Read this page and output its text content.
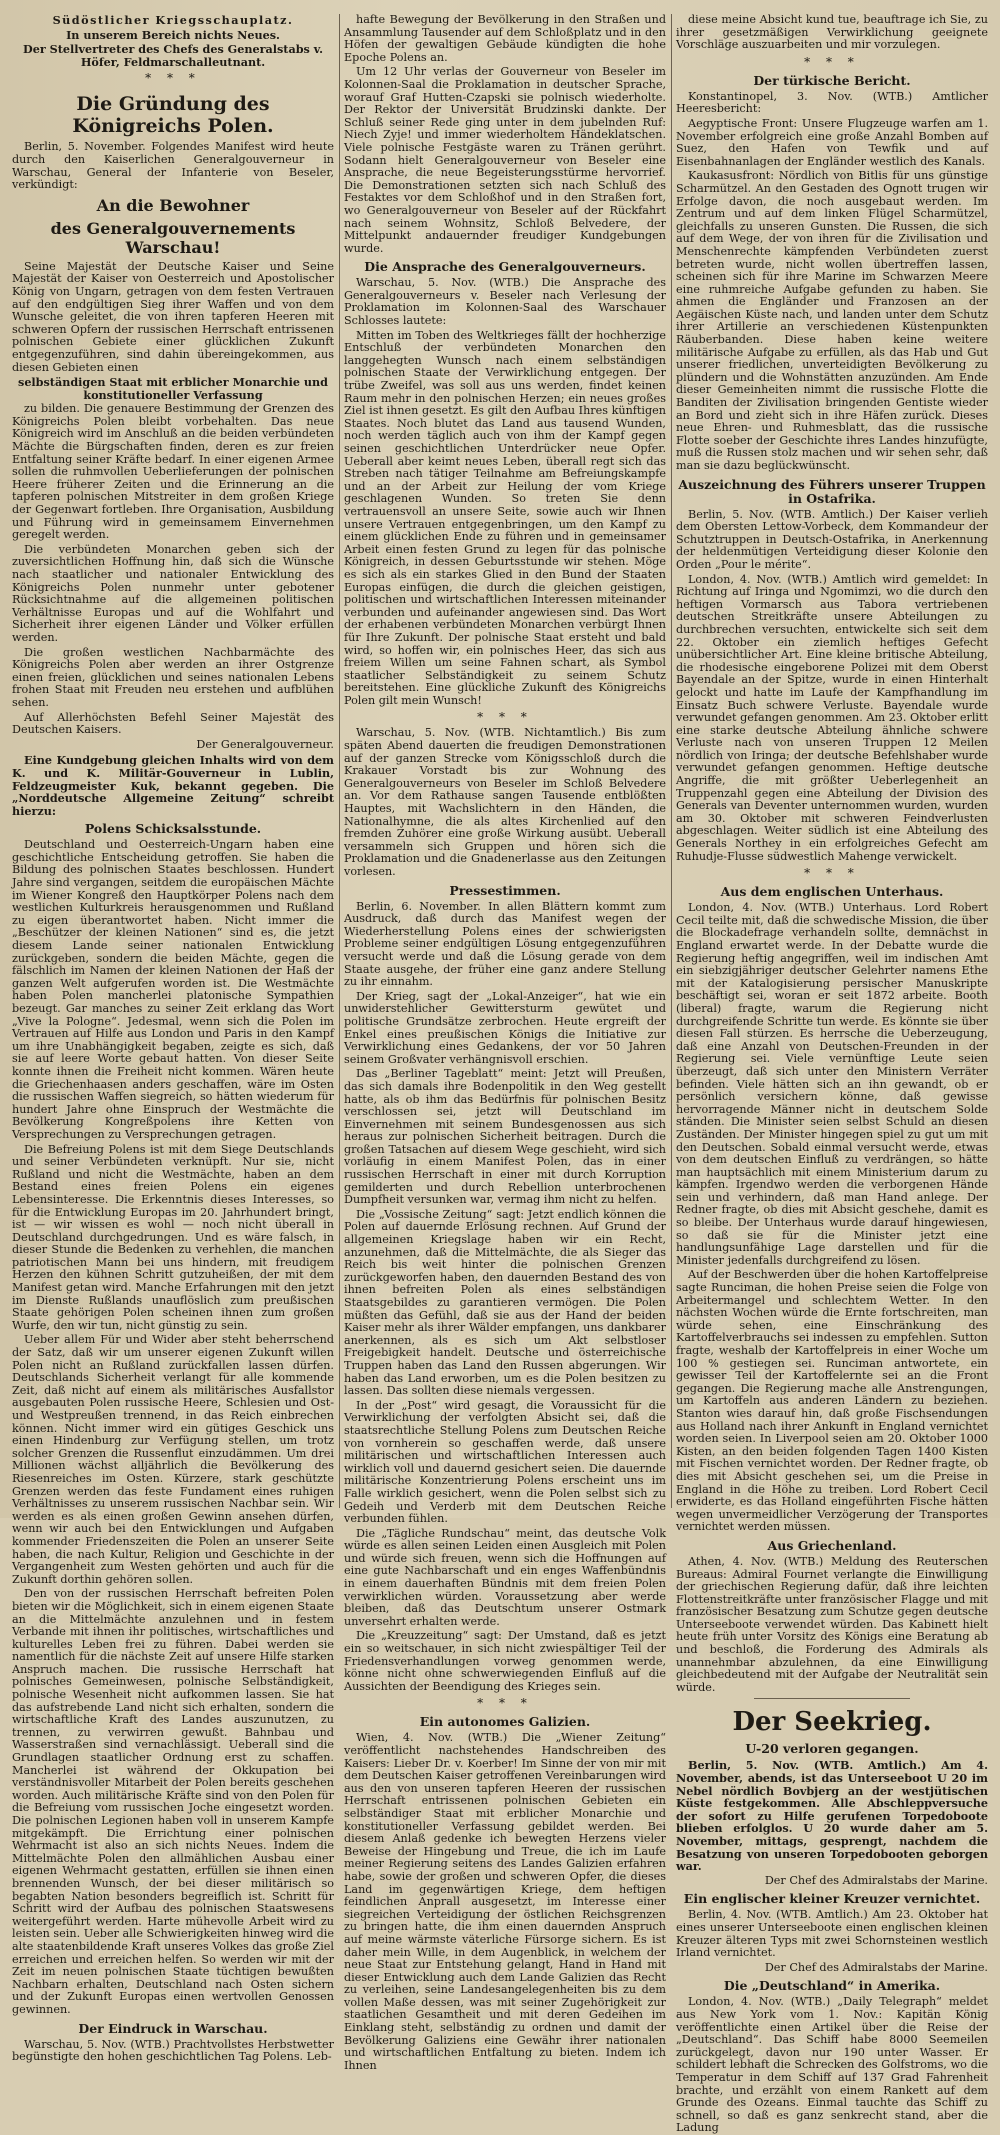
Südöstlicher Kriegsschauplatz.
In unserem Bereich nichts Neues.
Der Stellvertreter des Chefs des Generalstabs v. Höfer, Feldmarschalleutnant.
* * *
Die Gründung des Königreichs Polen.

Berlin, 5. November. Folgendes Manifest wird heute durch den Kaiserlichen Generalgouverneur in Warschau, General der Infanterie von Beseler, verkündigt:

An die Bewohner
des Generalgouvernements Warschau!

Seine Majestät der Deutsche Kaiser und Seine Majestät der Kaiser von Oesterreich und Apostolischer König von Ungarn, getragen von dem festen Vertrauen auf den endgültigen Sieg ihrer Waffen und von dem Wunsche geleitet, die von ihren tapferen Heeren mit schweren Opfern der russischen Herrschaft entrissenen polnischen Gebiete einer glücklichen Zukunft entgegenzuführen, sind dahin übereingekommen, aus diesen Gebieten einen

selbständigen Staat mit erblicher Monarchie und konstitutioneller Verfassung

zu bilden. Die genauere Bestimmung der Grenzen des Königreichs Polen bleibt vorbehalten. Das neue Königreich wird im Anschluß an die beiden verbündeten Mächte die Bürgschaften finden, deren es zur freien Entfaltung seiner Kräfte bedarf. In einer eigenen Armee sollen die ruhmvollen Ueberlieferungen der polnischen Heere früherer Zeiten und die Erinnerung an die tapferen polnischen Mitstreiter in dem großen Kriege der Gegenwart fortleben. Ihre Organisation, Ausbildung und Führung wird in gemeinsamem Einvernehmen geregelt werden.

Die verbündeten Monarchen geben sich der zuversichtlichen Hoffnung hin, daß sich die Wünsche nach staatlicher und nationaler Entwicklung des Königreichs Polen nunmehr unter gebotener Rücksichtnahme auf die allgemeinen politischen Verhältnisse Europas und auf die Wohlfahrt und Sicherheit ihrer eigenen Länder und Völker erfüllen werden.

Die großen westlichen Nachbarmächte des Königreichs Polen aber werden an ihrer Ostgrenze einen freien, glücklichen und seines nationalen Lebens frohen Staat mit Freuden neu erstehen und aufblühen sehen.

Auf Allerhöchsten Befehl Seiner Majestät des Deutschen Kaisers.

Der Generalgouverneur.

Eine Kundgebung gleichen Inhalts wird von dem K. und K. Militär-Gouverneur in Lublin, Feldzeugmeister Kuk, bekannt gegeben. Die „Norddeutsche Allgemeine Zeitung“ schreibt hierzu:

Polens Schicksalsstunde.

Deutschland und Oesterreich-Ungarn haben eine geschichtliche Entscheidung getroffen. Sie haben die Bildung des polnischen Staates beschlossen. Hundert Jahre sind vergangen, seitdem die europäischen Mächte im Wiener Kongreß den Hauptkörper Polens nach dem westlichen Kulturkreis herausgenommen und Rußland zu eigen überantwortet haben. Nicht immer die „Beschützer der kleinen Nationen“ sind es, die jetzt diesem Lande seiner nationalen Entwicklung zurückgeben, sondern die beiden Mächte, gegen die fälschlich im Namen der kleinen Nationen der Haß der ganzen Welt aufgerufen worden ist. Die Westmächte haben Polen mancherlei platonische Sympathien bezeugt. Gar manches zu seiner Zeit erklang das Wort „Vive la Pologne“. Jedesmal, wenn sich die Polen im Vertrauen auf Hilfe aus London und Paris in den Kampf um ihre Unabhängigkeit begaben, zeigte es sich, daß sie auf leere Worte gebaut hatten. Von dieser Seite konnte ihnen die Freiheit nicht kommen. Wären heute die Griechenhaasen anders geschaffen, wäre im Osten die russischen Waffen siegreich, so hätten wiederum für hundert Jahre ohne Einspruch der Westmächte die Bevölkerung Kongreßpolens ihre Ketten von Versprechungen zu Versprechungen getragen.

Die Befreiung Polens ist mit dem Siege Deutschlands und seiner Verbündeten verknüpft. Nur sie, nicht Rußland und nicht die Westmächte, haben an dem Bestand eines freien Polens ein eigenes Lebensinteresse. Die Erkenntnis dieses Interesses, so für die Entwicklung Europas im 20. Jahrhundert bringt, ist — wir wissen es wohl — noch nicht überall in Deutschland durchgedrungen. Und es wäre falsch, in dieser Stunde die Bedenken zu verhehlen, die manchen patriotischen Mann bei uns hindern, mit freudigem Herzen den kühnen Schritt gutzuheißen, der mit dem Manifest getan wird. Manche Erfahrungen mit den jetzt im Dienste Rußlands unauflöslich zum preußischen Staate gehörigen Polen scheinen ihnen zum großen Wurfe, den wir tun, nicht günstig zu sein.

Ueber allem Für und Wider aber steht beherrschend der Satz, daß wir um unserer eigenen Zukunft willen Polen nicht an Rußland zurückfallen lassen dürfen. Deutschlands Sicherheit verlangt für alle kommende Zeit, daß nicht auf einem als militärisches Ausfallstor ausgebauten Polen russische Heere, Schlesien und Ost- und Westpreußen trennend, in das Reich einbrechen können. Nicht immer wird ein gütiges Geschick uns einen Hindenburg zur Verfügung stellen, um trotz solcher Grenzen die Russenflut einzudämmen. Um drei Millionen wächst alljährlich die Bevölkerung des Riesenreiches im Osten. Kürzere, stark geschützte Grenzen werden das feste Fundament eines ruhigen Verhältnisses zu unserem russischen Nachbar sein. Wir werden es als einen großen Gewinn ansehen dürfen, wenn wir auch bei den Entwicklungen und Aufgaben kommender Friedenszeiten die Polen an unserer Seite haben, die nach Kultur, Religion und Geschichte in der Vergangenheit zum Westen gehörten und auch für die Zukunft dorthin gehören sollen.

Den von der russischen Herrschaft befreiten Polen bieten wir die Möglichkeit, sich in einem eigenen Staate an die Mittelmächte anzulehnen und in festem Verbande mit ihnen ihr politisches, wirtschaftliches und kulturelles Leben frei zu führen. Dabei werden sie namentlich für die nächste Zeit auf unsere Hilfe starken Anspruch machen. Die russische Herrschaft hat polnisches Gemeinwesen, polnische Selbständigkeit, polnische Wesenheit nicht aufkommen lassen. Sie hat das aufstrebende Land nicht sich erhalten, sondern die wirtschaftliche Kraft des Landes auszunutzen, zu trennen, zu verwirren gewußt. Bahnbau und Wasserstraßen sind vernachlässigt. Ueberall sind die Grundlagen staatlicher Ordnung erst zu schaffen. Mancherlei ist während der Okkupation bei verständnisvoller Mitarbeit der Polen bereits geschehen worden. Auch militärische Kräfte sind von den Polen für die Befreiung vom russischen Joche eingesetzt worden. Die polnischen Legionen haben voll in unserem Kampfe mitgekämpft. Die Errichtung einer polnischen Wehrmacht ist also an sich nichts Neues. Indem die Mittelmächte Polen den allmählichen Ausbau einer eigenen Wehrmacht gestatten, erfüllen sie ihnen einen brennenden Wunsch, der bei dieser militärisch so begabten Nation besonders begreiflich ist. Schritt für Schritt wird der Aufbau des polnischen Staatswesens weitergeführt werden. Harte mühevolle Arbeit wird zu leisten sein. Ueber alle Schwierigkeiten hinweg wird die alte staatenbildende Kraft unseres Volkes das große Ziel erreichen und erreichen helfen. So werden wir mit der Zeit im neuen polnischen Staate tüchtigen bewußten Nachbarn erhalten, Deutschland nach Osten sichern und der Zukunft Europas einen wertvollen Genossen gewinnen.

Der Eindruck in Warschau.

Warschau, 5. Nov. (WTB.) Prachtvollstes Herbstwetter begünstigte den hohen geschichtlichen Tag Polens. Leb-

hafte Bewegung der Bevölkerung in den Straßen und Ansammlung Tausender auf dem Schloßplatz und in den Höfen der gewaltigen Gebäude kündigten die hohe Epoche Polens an.

Um 12 Uhr verlas der Gouverneur von Beseler im Kolonnen-Saal die Proklamation in deutscher Sprache, worauf Graf Hutten-Czapski sie polnisch wiederholte. Der Rektor der Universität Brudzinski dankte. Der Schluß seiner Rede ging unter in dem jubelnden Ruf: Niech Zyje! und immer wiederholtem Händeklatschen. Viele polnische Festgäste waren zu Tränen gerührt. Sodann hielt Generalgouverneur von Beseler eine Ansprache, die neue Begeisterungsstürme hervorrief. Die Demonstrationen setzten sich nach Schluß des Festaktes vor dem Schloßhof und in den Straßen fort, wo Generalgouverneur von Beseler auf der Rückfahrt nach seinem Wohnsitz, Schloß Belvedere, der Mittelpunkt andauernder freudiger Kundgebungen wurde.

Die Ansprache des Generalgouverneurs.

Warschau, 5. Nov. (WTB.) Die Ansprache des Generalgouverneurs v. Beseler nach Verlesung der Proklamation im Kolonnen-Saal des Warschauer Schlosses lautete:

Mitten im Toben des Weltkrieges fällt der hochherzige Entschluß der verbündeten Monarchen den langgehegten Wunsch nach einem selbständigen polnischen Staate der Verwirklichung entgegen. Der trübe Zweifel, was soll aus uns werden, findet keinen Raum mehr in den polnischen Herzen; ein neues großes Ziel ist ihnen gesetzt. Es gilt den Aufbau Ihres künftigen Staates. Noch blutet das Land aus tausend Wunden, noch werden täglich auch von ihm der Kampf gegen seinen geschichtlichen Unterdrücker neue Opfer. Ueberall aber keimt neues Leben, überall regt sich das Streben nach tätiger Teilnahme am Befreiungskampfe und an der Arbeit zur Heilung der vom Kriege geschlagenen Wunden. So treten Sie denn vertrauensvoll an unsere Seite, sowie auch wir Ihnen unsere Vertrauen entgegenbringen, um den Kampf zu einem glücklichen Ende zu führen und in gemeinsamer Arbeit einen festen Grund zu legen für das polnische Königreich, in dessen Geburtsstunde wir stehen. Möge es sich als ein starkes Glied in den Bund der Staaten Europas einfügen, die durch die gleichen geistigen, politischen und wirtschaftlichen Interessen miteinander verbunden und aufeinander angewiesen sind. Das Wort der erhabenen verbündeten Monarchen verbürgt Ihnen für Ihre Zukunft. Der polnische Staat ersteht und bald wird, so hoffen wir, ein polnisches Heer, das sich aus freiem Willen um seine Fahnen schart, als Symbol staatlicher Selbständigkeit zu seinem Schutz bereitstehen. Eine glückliche Zukunft des Königreichs Polen gilt mein Wunsch!

* * *

Warschau, 5. Nov. (WTB. Nichtamtlich.) Bis zum späten Abend dauerten die freudigen Demonstrationen auf der ganzen Strecke vom Königsschloß durch die Krakauer Vorstadt bis zur Wohnung des Generalgouverneurs von Beseler im Schloß Belvedere an. Vor dem Rathause sangen Tausende entblößten Hauptes, mit Wachslichtern in den Händen, die Nationalhymne, die als altes Kirchenlied auf den fremden Zuhörer eine große Wirkung ausübt. Ueberall versammeln sich Gruppen und hören sich die Proklamation und die Gnadenerlasse aus den Zeitungen vorlesen.

Pressestimmen.

Berlin, 6. November. In allen Blättern kommt zum Ausdruck, daß durch das Manifest wegen der Wiederherstellung Polens eines der schwierigsten Probleme seiner endgültigen Lösung entgegenzuführen versucht werde und daß die Lösung gerade von dem Staate ausgehe, der früher eine ganz andere Stellung zu ihr einnahm.

Der Krieg, sagt der „Lokal-Anzeiger“, hat wie ein unwiderstehlicher Gewittersturm gewütet und politische Grundsätze zerbrochen. Heute ergreift der Enkel eines preußischen Königs die Initiative zur Verwirklichung eines Gedankens, der vor 50 Jahren seinem Großvater verhängnisvoll erschien.

Das „Berliner Tageblatt“ meint: Jetzt will Preußen, das sich damals ihre Bodenpolitik in den Weg gestellt hatte, als ob ihm das Bedürfnis für polnischen Besitz verschlossen sei, jetzt will Deutschland im Einvernehmen mit seinem Bundesgenossen aus sich heraus zur polnischen Sicherheit beitragen. Durch die großen Tatsachen auf diesem Wege geschieht, wird sich vorläufig in einem Manifest Polen, das in einer russischen Herrschaft in einer mit durch Korruption gemilderten und durch Rebellion unterbrochenen Dumpfheit versunken war, vermag ihm nicht zu helfen.

Die „Vossische Zeitung“ sagt: Jetzt endlich können die Polen auf dauernde Erlösung rechnen. Auf Grund der allgemeinen Kriegslage haben wir ein Recht, anzunehmen, daß die Mittelmächte, die als Sieger das Reich bis weit hinter die polnischen Grenzen zurückgeworfen haben, den dauernden Bestand des von ihnen befreiten Polen als eines selbständigen Staatsgebildes zu garantieren vermögen. Die Polen müßten das Gefühl, daß sie aus der Hand der beiden Kaiser mehr als ihrer Wälder empfangen, uns dankbarer anerkennen, als es sich um Akt selbstloser Freigebigkeit handelt. Deutsche und österreichische Truppen haben das Land den Russen abgerungen. Wir haben das Land erworben, um es die Polen besitzen zu lassen. Das sollten diese niemals vergessen.

In der „Post“ wird gesagt, die Voraussicht für die Verwirklichung der verfolgten Absicht sei, daß die staatsrechtliche Stellung Polens zum Deutschen Reiche von vornherein so geschaffen werde, daß unsere militärischen und wirtschaftlichen Interessen auch wirklich voll und dauernd gesichert seien. Die dauernde militärische Konzentrierung Polens erscheint uns im Falle wirklich gesichert, wenn die Polen selbst sich zu Gedeih und Verderb mit dem Deutschen Reiche verbunden fühlen.

Die „Tägliche Rundschau“ meint, das deutsche Volk würde es allen seinen Leiden einen Ausgleich mit Polen und würde sich freuen, wenn sich die Hoffnungen auf eine gute Nachbarschaft und ein enges Waffenbündnis in einem dauerhaften Bündnis mit dem freien Polen verwirklichen würden. Voraussetzung aber werde bleiben, daß das Deutschtum unserer Ostmark unversehrt erhalten werde.

Die „Kreuzzeitung“ sagt: Der Umstand, daß es jetzt ein so weitschauer, in sich nicht zwiespältiger Teil der Friedensverhandlungen vorweg genommen werde, könne nicht ohne schwerwiegenden Einfluß auf die Aussichten der Beendigung des Krieges sein.

* * *
Ein autonomes Galizien.

Wien, 4. Nov. (WTB.) Die „Wiener Zeitung“ veröffentlicht nachstehendes Handschreiben des Kaisers: Lieber Dr. v. Koerber! Im Sinne der von mir mit dem Deutschen Kaiser getroffenen Vereinbarungen wird aus den von unseren tapferen Heeren der russischen Herrschaft entrissenen polnischen Gebieten ein selbständiger Staat mit erblicher Monarchie und konstitutioneller Verfassung gebildet werden. Bei diesem Anlaß gedenke ich bewegten Herzens vieler Beweise der Hingebung und Treue, die ich im Laufe meiner Regierung seitens des Landes Galizien erfahren habe, sowie der großen und schweren Opfer, die dieses Land im gegenwärtigen Kriege, dem heftigen feindlichen Anprall ausgesetzt, im Interesse einer siegreichen Verteidigung der östlichen Reichsgrenzen zu bringen hatte, die ihm einen dauernden Anspruch auf meine wärmste väterliche Fürsorge sichern. Es ist daher mein Wille, in dem Augenblick, in welchem der neue Staat zur Entstehung gelangt, Hand in Hand mit dieser Entwicklung auch dem Lande Galizien das Recht zu verleihen, seine Landesangelegenheiten bis zu dem vollen Maße dessen, was mit seiner Zugehörigkeit zur staatlichen Gesamtheit und mit deren Gedeihen im Einklang steht, selbständig zu ordnen und damit der Bevölkerung Galiziens eine Gewähr ihrer nationalen und wirtschaftlichen Entfaltung zu bieten. Indem ich Ihnen

diese meine Absicht kund tue, beauftrage ich Sie, zu ihrer gesetzmäßigen Verwirklichung geeignete Vorschläge auszuarbeiten und mir vorzulegen.

* * *
Der türkische Bericht.

Konstantinopel, 3. Nov. (WTB.) Amtlicher Heeresbericht:

Aegyptische Front: Unsere Flugzeuge warfen am 1. November erfolgreich eine große Anzahl Bomben auf Suez, den Hafen von Tewfik und auf Eisenbahnanlagen der Engländer westlich des Kanals.

Kaukasusfront: Nördlich von Bitlis für uns günstige Scharmützel. An den Gestaden des Ognott trugen wir Erfolge davon, die noch ausgebaut werden. Im Zentrum und auf dem linken Flügel Scharmützel, gleichfalls zu unseren Gunsten. Die Russen, die sich auf dem Wege, der von ihren für die Zivilisation und Menschenrechte kämpfenden Verbündeten zuerst betreten wurde, nicht wollen übertreffen lassen, scheinen sich für ihre Marine im Schwarzen Meere eine ruhmreiche Aufgabe gefunden zu haben. Sie ahmen die Engländer und Franzosen an der Aegäischen Küste nach, und landen unter dem Schutz ihrer Artillerie an verschiedenen Küstenpunkten Räuberbanden. Diese haben keine weitere militärische Aufgabe zu erfüllen, als das Hab und Gut unserer friedlichen, unverteidigten Bevölkerung zu plündern und die Wohnstätten anzuzünden. Am Ende dieser Gemeinheiten nimmt die russische Flotte die Banditen der Zivilisation bringenden Gentiste wieder an Bord und zieht sich in ihre Häfen zurück. Dieses neue Ehren- und Ruhmesblatt, das die russische Flotte soeber der Geschichte ihres Landes hinzufügte, muß die Russen stolz machen und wir sehen sehr, daß man sie dazu beglückwünscht.

Auszeichnung des Führers unserer Truppen in Ostafrika.

Berlin, 5. Nov. (WTB. Amtlich.) Der Kaiser verlieh dem Obersten Lettow-Vorbeck, dem Kommandeur der Schutztruppen in Deutsch-Ostafrika, in Anerkennung der heldenmütigen Verteidigung dieser Kolonie den Orden „Pour le mérite“.

London, 4. Nov. (WTB.) Amtlich wird gemeldet: In Richtung auf Iringa und Ngomimzi, wo die durch den heftigen Vormarsch aus Tabora vertriebenen deutschen Streitkräfte unsere Abteilungen zu durchbrechen versuchten, entwickelte sich seit dem 22. Oktober ein ziemlich heftiges Gefecht unübersichtlicher Art. Eine kleine britische Abteilung, die rhodesische eingeborene Polizei mit dem Oberst Bayendale an der Spitze, wurde in einen Hinterhalt gelockt und hatte im Laufe der Kampfhandlung im Einsatz Buch schwere Verluste. Bayendale wurde verwundet gefangen genommen. Am 23. Oktober erlitt eine starke deutsche Abteilung ähnliche schwere Verluste nach von unseren Truppen 12 Meilen nördlich von Iringa; der deutsche Befehlshaber wurde verwundet gefangen genommen. Heftige deutsche Angriffe, die mit größter Ueberlegenheit an Truppenzahl gegen eine Abteilung der Division des Generals van Deventer unternommen wurden, wurden am 30. Oktober mit schweren Feindverlusten abgeschlagen. Weiter südlich ist eine Abteilung des Generals Northey in ein erfolgreiches Gefecht am Ruhudje-Flusse südwestlich Mahenge verwickelt.

* * *
Aus dem englischen Unterhaus.

London, 4. Nov. (WTB.) Unterhaus. Lord Robert Cecil teilte mit, daß die schwedische Mission, die über die Blockadefrage verhandeln sollte, demnächst in England erwartet werde. In der Debatte wurde die Regierung heftig angegriffen, weil im indischen Amt ein siebzigjähriger deutscher Gelehrter namens Ethe mit der Katalogisierung persischer Manuskripte beschäftigt sei, woran er seit 1872 arbeite. Booth (liberal) fragte, warum die Regierung nicht durchgreifende Schritte tun werde. Es könnte sie über diesen Fall stürzen. Es herrsche die Ueberzeugung, daß eine Anzahl von Deutschen-Freunden in der Regierung sei. Viele vernünftige Leute seien überzeugt, daß sich unter den Ministern Verräter befinden. Viele hätten sich an ihn gewandt, ob er persönlich versichern könne, daß gewisse hervorragende Männer nicht in deutschem Solde ständen. Die Minister seien selbst Schuld an diesen Zuständen. Der Minister hingegen spiel zu gut um mit den Deutschen. Sobald einmal versucht werde, etwas von dem deutschen Einfluß zu verdrängen, so hätte man hauptsächlich mit einem Ministerium darum zu kämpfen. Irgendwo werden die verborgenen Hände sein und verhindern, daß man Hand anlege. Der Redner fragte, ob dies mit Absicht geschehe, damit es so bleibe. Der Unterhaus wurde darauf hingewiesen, so daß sie für die Minister jetzt eine handlungsunfähige Lage darstellen und für die Minister jedenfalls durchgreifend zu lösen.

Auf der Beschwerden über die hohen Kartoffelpreise sagte Runciman, die hohen Preise seien die Folge von Arbeitermangel und schlechtem Wetter. In den nächsten Wochen würde die Ernte fortschreiten, man würde sehen, eine Einschränkung des Kartoffelverbrauchs sei indessen zu empfehlen. Sutton fragte, weshalb der Kartoffelpreis in einer Woche um 100 % gestiegen sei. Runciman antwortete, ein gewisser Teil der Kartoffelernte sei an die Front gegangen. Die Regierung mache alle Anstrengungen, um Kartoffeln aus anderen Ländern zu beziehen. Stanton wies darauf hin, daß große Fischsendungen aus Holland nach ihrer Ankunft in England vernichtet worden seien. In Liverpool seien am 20. Oktober 1000 Kisten, an den beiden folgenden Tagen 1400 Kisten mit Fischen vernichtet worden. Der Redner fragte, ob dies mit Absicht geschehen sei, um die Preise in England in die Höhe zu treiben. Lord Robert Cecil erwiderte, es das Holland eingeführten Fische hätten wegen unvermeidlicher Verzögerung der Transportes vernichtet werden müssen.

Aus Griechenland.

Athen, 4. Nov. (WTB.) Meldung des Reuterschen Bureaus: Admiral Fournet verlangte die Einwilligung der griechischen Regierung dafür, daß ihre leichten Flottenstreitkräfte unter französischer Flagge und mit französischer Besatzung zum Schutze gegen deutsche Unterseeboote verwendet würden. Das Kabinett hielt heute früh unter Vorsitz des Königs eine Beratung ab und beschloß, die Forderung des Admirals als unannehmbar abzulehnen, da eine Einwilligung gleichbedeutend mit der Aufgabe der Neutralität sein würde.

Der Seekrieg.
U-20 verloren gegangen.

Berlin, 5. Nov. (WTB. Amtlich.) Am 4. November, abends, ist das Unterseeboot U 20 im Nebel nördlich Bovbjerg an der westjütischen Küste festgekommen. Alle Abschleppversuche der sofort zu Hilfe gerufenen Torpedoboote blieben erfolglos. U 20 wurde daher am 5. November, mittags, gesprengt, nachdem die Besatzung von unseren Torpedobooten geborgen war.

Der Chef des Admiralstabs der Marine.
Ein englischer kleiner Kreuzer vernichtet.

Berlin, 4. Nov. (WTB. Amtlich.) Am 23. Oktober hat eines unserer Unterseeboote einen englischen kleinen Kreuzer älteren Typs mit zwei Schornsteinen westlich Irland vernichtet.

Der Chef des Admiralstabs der Marine.
Die „Deutschland“ in Amerika.

London, 4. Nov. (WTB.) „Daily Telegraph“ meldet aus New York vom 1. Nov.: Kapitän König veröffentlichte einen Artikel über die Reise der „Deutschland“. Das Schiff habe 8000 Seemeilen zurückgelegt, davon nur 190 unter Wasser. Er schildert lebhaft die Schrecken des Golfstroms, wo die Temperatur in dem Schiff auf 137 Grad Fahrenheit brachte, und erzählt von einem Rankett auf dem Grunde des Ozeans. Einmal tauchte das Schiff zu schnell, so daß es ganz senkrecht stand, aber die Ladung
